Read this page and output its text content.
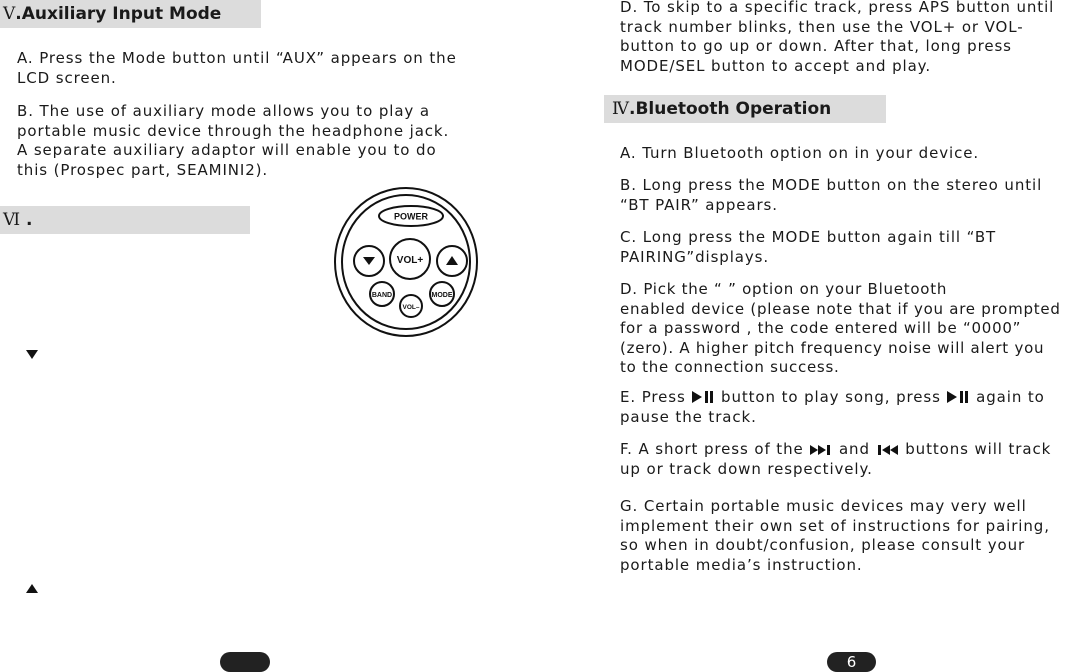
Ⅴ.Auxiliary Input Mode

A. Press the Mode button until “AUX” appears on the
LCD screen.

B. The use of auxiliary mode allows you to play a
portable music device through the headphone jack.
A separate auxiliary adaptor will enable you to do
this (Prospec part, SEAMINI2).

Ⅵ .	POWER
VOL+
BAND	MODE
VOL–

D. To skip to a specific track, press APS button until
track number blinks, then use the VOL+ or VOL-
button to go up or down. After that, long press
MODE/SEL button to accept and play.

Ⅳ.Bluetooth Operation

A. Turn Bluetooth option on in your device.

B. Long press the MODE button on the stereo until
“BT PAIR” appears.

C. Long press the MODE button again till “BT
PAIRING”displays.

D. Pick the “ ” option on your Bluetooth
enabled device (please note that if you are prompted
for a password , the code entered will be “0000”
(zero). A higher pitch frequency noise will alert you
to the connection success.

E. Press  button to play song, press  again to
pause the track.
F. A short press of the  and  buttons will track
up or track down respectively.

G. Certain portable music devices may very well
implement their own set of instructions for pairing,
so when in doubt/confusion, please consult your
portable media’s instruction.

6
